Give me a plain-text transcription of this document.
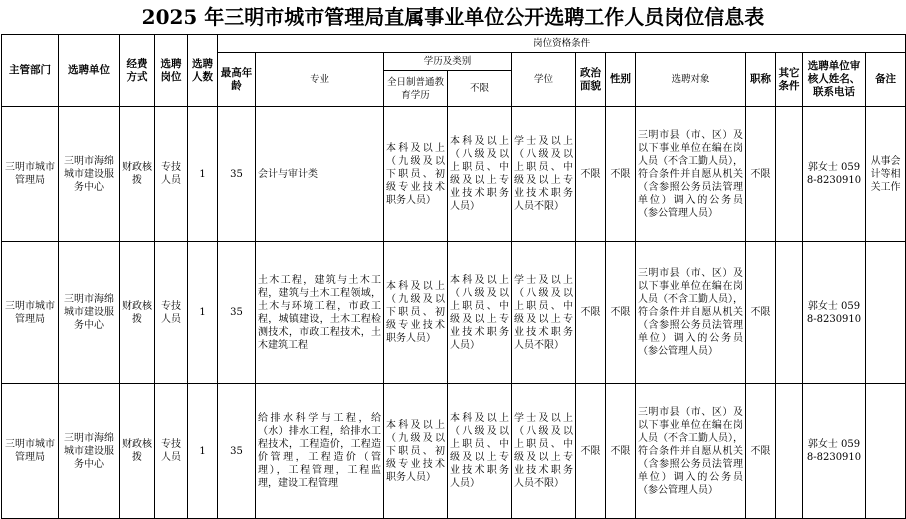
2025 年三明市城市管理局直属事业单位公开选聘工作人员岗位信息表
主管部门	选聘单位	经费方式	选聘岗位	选聘人数	岗位资格条件											
					最高年龄	专业	学历及类别		学位	政治面貌	性别	选聘对象	职称	其它条件	选聘单位审核人姓名、联系电话	备注
							全日制普通教育学历	不限								
三明市城市管理局	三明市海绵城市建设服务中心	财政核拨	专技人员	1	35	会计与审计类	本科及以上（九级及以下职员、初级专业技术职务人员）	本科及以上（八级及以上职员、中级及以上专业技术职务人员）	学士及以上（八级及以上职员、中级及以上专业技术职务人员不限）	不限	不限	三明市县（市、区）及以下事业单位在编在岗人员（不含工勤人员），符合条件并自愿从机关（含参照公务员法管理单位）调入的公务员（参公管理人员）	不限		郭女士 0598-8230910	从事会计等相关工作
三明市城市管理局	三明市海绵城市建设服务中心	财政核拨	专技人员	1	35	土木工程，建筑与土木工程，建筑与土木工程领域，土木与环境工程，市政工程，城镇建设，土木工程检测技术，市政工程技术，土木建筑工程	本科及以上（九级及以下职员、初级专业技术职务人员）	本科及以上（八级及以上职员、中级及以上专业技术职务人员）	学士及以上（八级及以上职员、中级及以上专业技术职务人员不限）	不限	不限	三明市县（市、区）及以下事业单位在编在岗人员（不含工勤人员），符合条件并自愿从机关（含参照公务员法管理单位）调入的公务员（参公管理人员）	不限		郭女士 0598-8230910	
三明市城市管理局	三明市海绵城市建设服务中心	财政核拨	专技人员	1	35	给排水科学与工程，给（水）排水工程，给排水工程技术，工程造价，工程造价管理，工程造价（管理），工程管理，工程监理，建设工程管理	本科及以上（九级及以下职员、初级专业技术职务人员）	本科及以上（八级及以上职员、中级及以上专业技术职务人员）	学士及以上（八级及以上职员、中级及以上专业技术职务人员不限）	不限	不限	三明市县（市、区）及以下事业单位在编在岗人员（不含工勤人员），符合条件并自愿从机关（含参照公务员法管理单位）调入的公务员（参公管理人员）	不限		郭女士 0598-8230910	
